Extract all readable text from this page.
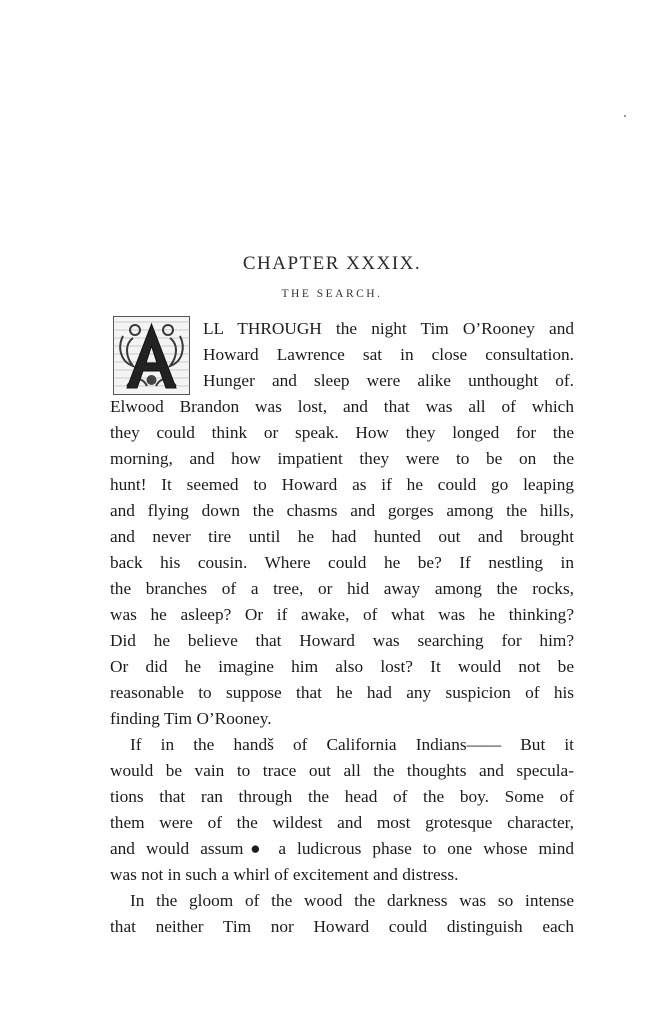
CHAPTER XXXIX.
THE SEARCH.
LL THROUGH the night Tim O’Rooney and
Howard Lawrence sat in close consultation.
Hunger and sleep were alike unthought of.
Elwood Brandon was lost, and that was all of which
they could think or speak. How they longed for the
morning, and how impatient they were to be on the
hunt! It seemed to Howard as if he could go leaping
and flying down the chasms and gorges among the hills,
and never tire until he had hunted out and brought
back his cousin. Where could he be? If nestling in
the branches of a tree, or hid away among the rocks,
was he asleep? Or if awake, of what was he thinking?
Did he believe that Howard was searching for him?
Or did he imagine him also lost? It would not be
reasonable to suppose that he had any suspicion of his
finding Tim O’Rooney.
If in the handš of California Indians—— But it
would be vain to trace out all the thoughts and specula-
tions that ran through the head of the boy. Some of
them were of the wildest and most grotesque character,
and would assum● a ludicrous phase to one whose mind
was not in such a whirl of excitement and distress.
In the gloom of the wood the darkness was so intense
that neither Tim nor Howard could distinguish each
